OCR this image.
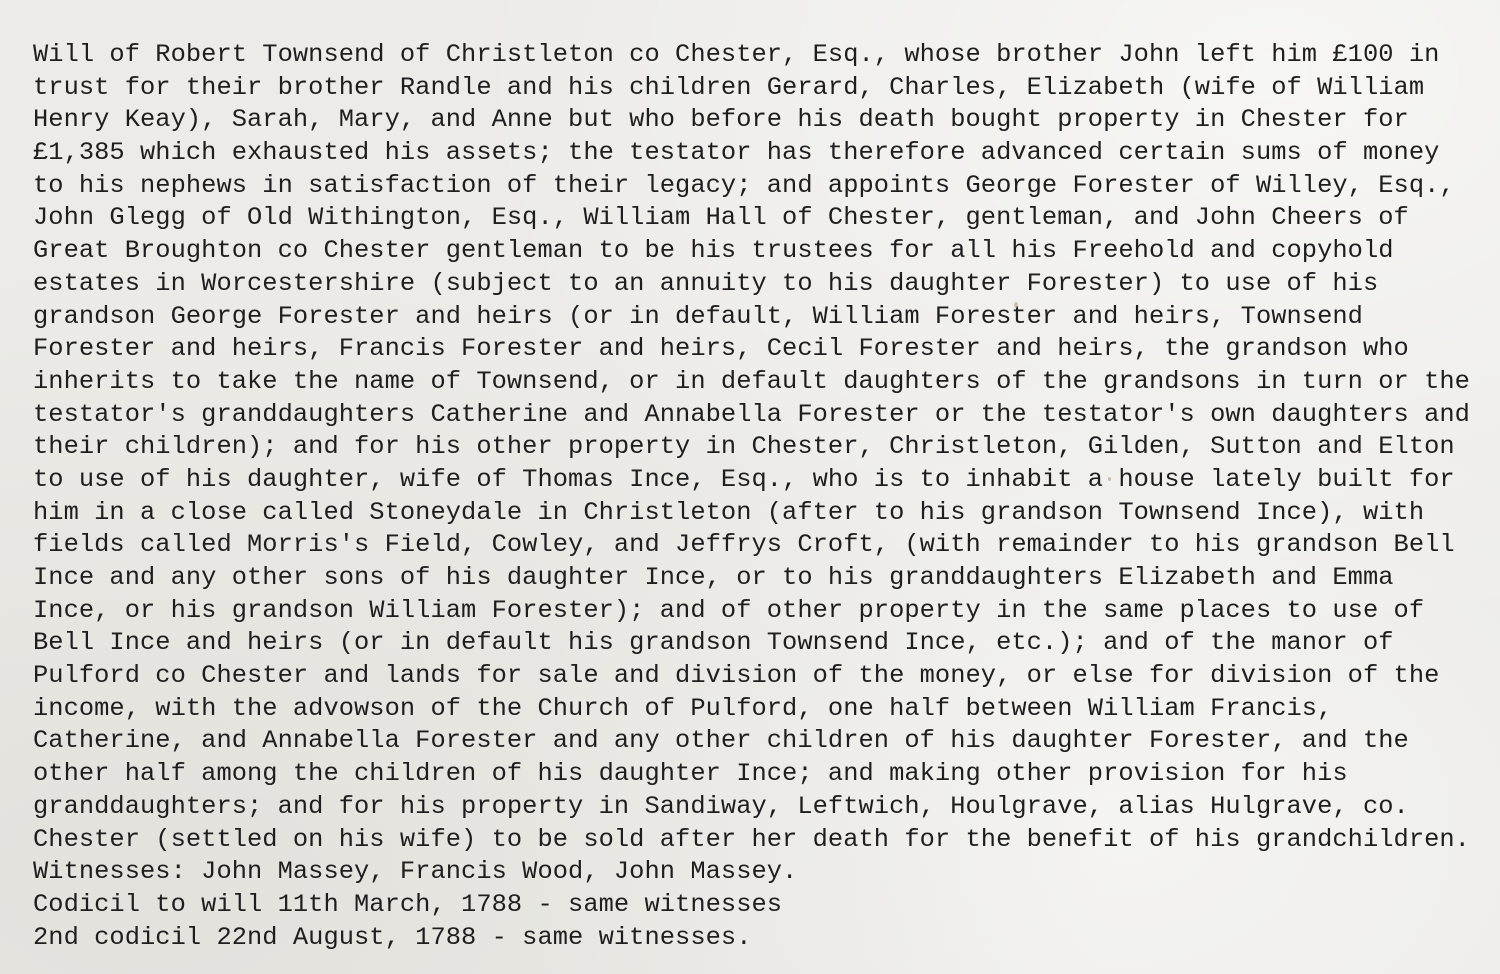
Will of Robert Townsend of Christleton co Chester, Esq., whose brother John left him £100 in
trust for their brother Randle and his children Gerard, Charles, Elizabeth (wife of William
Henry Keay), Sarah, Mary, and Anne but who before his death bought property in Chester for
£1,385 which exhausted his assets; the testator has therefore advanced certain sums of money
to his nephews in satisfaction of their legacy; and appoints George Forester of Willey, Esq.,
John Glegg of Old Withington, Esq., William Hall of Chester, gentleman, and John Cheers of
Great Broughton co Chester gentleman to be his trustees for all his Freehold and copyhold
estates in Worcestershire (subject to an annuity to his daughter Forester) to use of his
grandson George Forester and heirs (or in default, William Forester and heirs, Townsend
Forester and heirs, Francis Forester and heirs, Cecil Forester and heirs, the grandson who
inherits to take the name of Townsend, or in default daughters of the grandsons in turn or the
testator's granddaughters Catherine and Annabella Forester or the testator's own daughters and
their children); and for his other property in Chester, Christleton, Gilden, Sutton and Elton
to use of his daughter, wife of Thomas Ince, Esq., who is to inhabit a house lately built for
him in a close called Stoneydale in Christleton (after to his grandson Townsend Ince), with
fields called Morris's Field, Cowley, and Jeffrys Croft, (with remainder to his grandson Bell
Ince and any other sons of his daughter Ince, or to his granddaughters Elizabeth and Emma
Ince, or his grandson William Forester); and of other property in the same places to use of
Bell Ince and heirs (or in default his grandson Townsend Ince, etc.); and of the manor of
Pulford co Chester and lands for sale and division of the money, or else for division of the
income, with the advowson of the Church of Pulford, one half between William Francis,
Catherine, and Annabella Forester and any other children of his daughter Forester, and the
other half among the children of his daughter Ince; and making other provision for his
granddaughters; and for his property in Sandiway, Leftwich, Houlgrave, alias Hulgrave, co.
Chester (settled on his wife) to be sold after her death for the benefit of his grandchildren.
Witnesses: John Massey, Francis Wood, John Massey.
Codicil to will 11th March, 1788 - same witnesses
2nd codicil 22nd August, 1788 - same witnesses.
